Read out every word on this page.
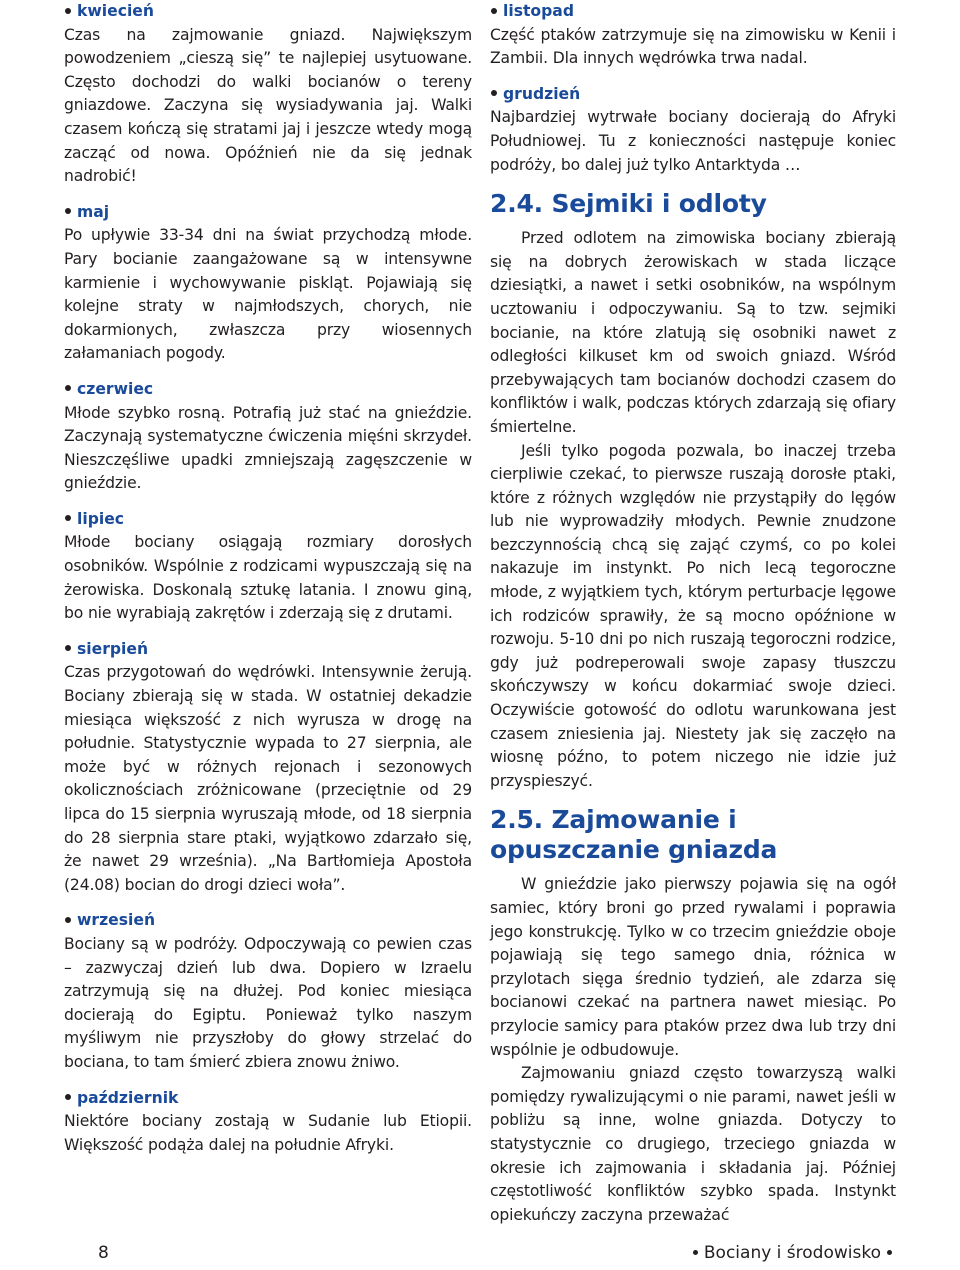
kwiecień

Czas na zajmowanie gniazd. Największym powodzeniem „cieszą się” te najlepiej usytuowane. Często dochodzi do walki bocianów o tereny gniazdowe. Zaczyna się wysiadywania jaj. Walki czasem kończą się stratami jaj i jeszcze wtedy mogą zacząć od nowa. Opóźnień nie da się jednak nadrobić!

maj

Po upływie 33-34 dni na świat przychodzą młode. Pary bocianie zaangażowane są w intensywne karmienie i wychowywanie piskląt. Pojawiają się kolejne straty w najmłodszych, chorych, nie dokarmionych, zwłaszcza przy wiosennych załamaniach pogody.

czerwiec

Młode szybko rosną. Potrafią już stać na gnieździe. Zaczynają systematyczne ćwiczenia mięśni skrzydeł. Nieszczęśliwe upadki zmniejszają zagęszczenie w gnieździe.

lipiec

Młode bociany osiągają rozmiary dorosłych osobników. Wspólnie z rodzicami wypuszczają się na żerowiska. Doskonalą sztukę latania. I znowu giną, bo nie wyrabiają zakrętów i zderzają się z drutami.

sierpień

Czas przygotowań do wędrówki. Intensywnie żerują. Bociany zbierają się w stada. W ostatniej dekadzie miesiąca większość z nich wyrusza w drogę na południe. Statystycznie wypada to 27 sierpnia, ale może być w różnych rejonach i sezonowych okolicznościach zróżnicowane (przeciętnie od 29 lipca do 15 sierpnia wyruszają młode, od 18 sierpnia do 28 sierpnia stare ptaki, wyjątkowo zdarzało się, że nawet 29 września). „Na Bartłomieja Apostoła (24.08) bocian do drogi dzieci woła”.

wrzesień

Bociany są w podróży. Odpoczywają co pewien czas – zazwyczaj dzień lub dwa. Dopiero w Izraelu zatrzymują się na dłużej. Pod koniec miesiąca docierają do Egiptu. Ponieważ tylko naszym myśliwym nie przyszłoby do głowy strzelać do bociana, to tam śmierć zbiera znowu żniwo.

październik

Niektóre bociany zostają w Sudanie lub Etiopii. Większość podąża dalej na południe Afryki.

listopad

Część ptaków zatrzymuje się na zimowisku w Kenii i Zambii. Dla innych wędrówka trwa nadal.

grudzień

Najbardziej wytrwałe bociany docierają do Afryki Południowej. Tu z konieczności następuje koniec podróży, bo dalej już tylko Antarktyda …

2.4. Sejmiki i odloty

Przed odlotem na zimowiska bociany zbierają się na dobrych żerowiskach w stada liczące dziesiątki, a nawet i setki osobników, na wspólnym ucztowaniu i odpoczywaniu. Są to tzw. sejmiki bocianie, na które zlatują się osobniki nawet z odległości kilkuset km od swoich gniazd. Wśród przebywających tam bocianów dochodzi czasem do konfliktów i walk, podczas których zdarzają się ofiary śmiertelne.

Jeśli tylko pogoda pozwala, bo inaczej trzeba cierpliwie czekać, to pierwsze ruszają dorosłe ptaki, które z różnych względów nie przystąpiły do lęgów lub nie wyprowadziły młodych. Pewnie znudzone bezczynnością chcą się zająć czymś, co po kolei nakazuje im instynkt. Po nich lecą tegoroczne młode, z wyjątkiem tych, którym perturbacje lęgowe ich rodziców sprawiły, że są mocno opóźnione w rozwoju. 5-10 dni po nich ruszają tegoroczni rodzice, gdy już podreperowali swoje zapasy tłuszczu skończywszy w końcu dokarmiać swoje dzieci. Oczywiście gotowość do odlotu warunkowana jest czasem zniesienia jaj. Niestety jak się zaczęło na wiosnę późno, to potem niczego nie idzie już przyspieszyć.

2.5. Zajmowanie i opuszczanie gniazda

W gnieździe jako pierwszy pojawia się na ogół samiec, który broni go przed rywalami i poprawia jego konstrukcję. Tylko w co trzecim gnieździe oboje pojawiają się tego samego dnia, różnica w przylotach sięga średnio tydzień, ale zdarza się bocianowi czekać na partnera nawet miesiąc. Po przylocie samicy para ptaków przez dwa lub trzy dni wspólnie je odbudowuje.

Zajmowaniu gniazd często towarzyszą walki pomiędzy rywalizującymi o nie parami, nawet jeśli w pobliżu są inne, wolne gniazda. Dotyczy to statystycznie co drugiego, trzeciego gniazda w okresie ich zajmowania i składania jaj. Później częstotliwość konfliktów szybko spada. Instynkt opiekuńczy zaczyna przeważać

8	Bociany i środowisko
